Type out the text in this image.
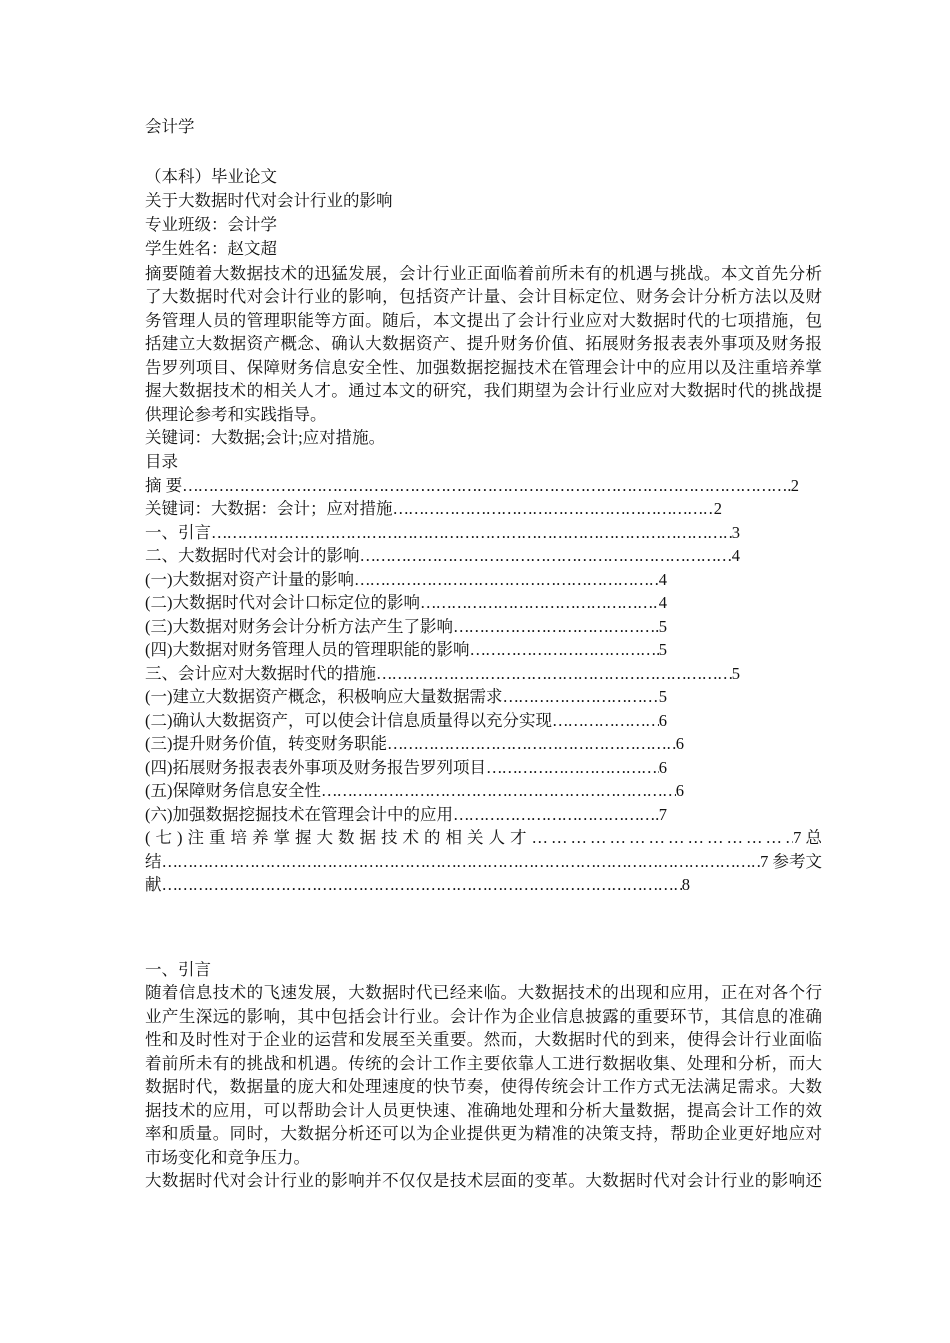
会计学
（本科）毕业论文
关于大数据时代对会计行业的影响
专业班级：会计学
学生姓名：赵文超
摘要随着大数据技术的迅猛发展，会计行业正面临着前所未有的机遇与挑战。本文首先分析
了大数据时代对会计行业的影响，包括资产计量、会计目标定位、财务会计分析方法以及财
务管理人员的管理职能等方面。随后，本文提出了会计行业应对大数据时代的七项措施，包
括建立大数据资产概念、确认大数据资产、提升财务价值、拓展财务报表表外事项及财务报
告罗列项目、保障财务信息安全性、加强数据挖掘技术在管理会计中的应用以及注重培养掌
握大数据技术的相关人才。通过本文的研究，我们期望为会计行业应对大数据时代的挑战提
供理论参考和实践指导。
关键词：大数据;会计;应对措施。
目录
摘 要 ………………………………………………………………………………………………………………………………………………	2
关键词：大数据：会计；应对措施 ………………………………………………………………………………………………………………………………………………	2
一、引言 ………………………………………………………………………………………………………………………………………………	3
二、大数据时代对会计的影响 ………………………………………………………………………………………………………………………………………………	4
(一)大数据对资产计量的影响 ………………………………………………………………………………………………………………………………………………	4
(二)大数据时代对会计口标定位的影响 ………………………………………………………………………………………………………………………………………………	4
(三)大数据对财务会计分析方法产生了影响 ………………………………………………………………………………………………………………………………………………	5
(四)大数据对财务管理人员的管理职能的影响 ………………………………………………………………………………………………………………………………………………	5
三、会计应对大数据时代的措施 ………………………………………………………………………………………………………………………………………………	5
(一)建立大数据资产概念，积极响应大量数据需求 ………………………………………………………………………………………………………………………………………………	5
(二)确认大数据资产，可以使会计信息质量得以充分实现 ………………………………………………………………………………………………………………………………………………	6
(三)提升财务价值，转变财务职能 ………………………………………………………………………………………………………………………………………………	6
(四)拓展财务报表表外事项及财务报告罗列项目 ………………………………………………………………………………………………………………………………………………	6
(五)保障财务信息安全性 ………………………………………………………………………………………………………………………………………………	6
(六)加强数据挖掘技术在管理会计中的应用 ………………………………………………………………………………………………………………………………………………	7
(七)注重培养掌握大数据技术的相关人才 ………………………………………………………………………………………………………………………………………………	7
总
结 ………………………………………………………………………………………………………………………………………………	7
参考文
献 ………………………………………………………………………………………………………………………………………………	8
一、引言
随着信息技术的飞速发展，大数据时代已经来临。大数据技术的出现和应用，正在对各个行
业产生深远的影响，其中包括会计行业。会计作为企业信息披露的重要环节，其信息的准确
性和及时性对于企业的运营和发展至关重要。然而，大数据时代的到来，使得会计行业面临
着前所未有的挑战和机遇。传统的会计工作主要依靠人工进行数据收集、处理和分析，而大
数据时代，数据量的庞大和处理速度的快节奏，使得传统会计工作方式无法满足需求。大数
据技术的应用，可以帮助会计人员更快速、准确地处理和分析大量数据，提高会计工作的效
率和质量。同时，大数据分析还可以为企业提供更为精准的决策支持，帮助企业更好地应对
市场变化和竞争压力。
大数据时代对会计行业的影响并不仅仅是技术层面的变革。大数据时代对会计行业的影响还
